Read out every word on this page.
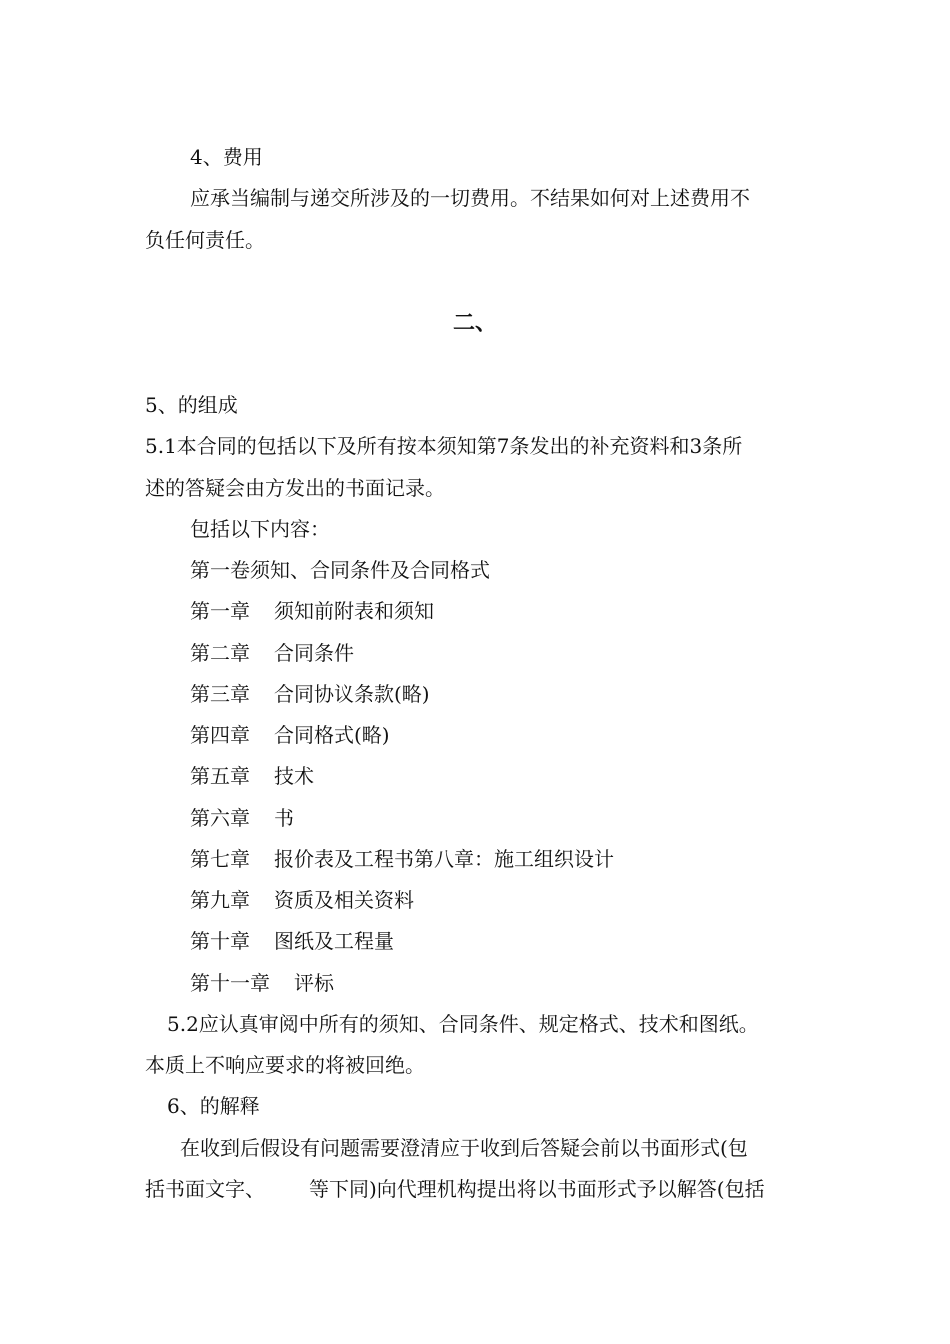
4、费用
应承当编制与递交所涉及的一切费用。不结果如何对上述费用不
负任何责任。
二、
5、的组成
5.1本合同的包括以下及所有按本须知第7条发出的补充资料和3条所
述的答疑会由方发出的书面记录。
包括以下内容：
第一卷须知、合同条件及合同格式
第一章 须知前附表和须知
第二章 合同条件
第三章 合同协议条款(略)
第四章 合同格式(略)
第五章 技术
第六章 书
第七章 报价表及工程书第八章：施工组织设计
第九章 资质及相关资料
第十章 图纸及工程量
第十一章 评标
5.2应认真审阅中所有的须知、合同条件、规定格式、技术和图纸。
本质上不响应要求的将被回绝。
6、的解释
在收到后假设有问题需要澄清应于收到后答疑会前以书面形式(包
括书面文字、 等下同)向代理机构提出将以书面形式予以解答(包括
